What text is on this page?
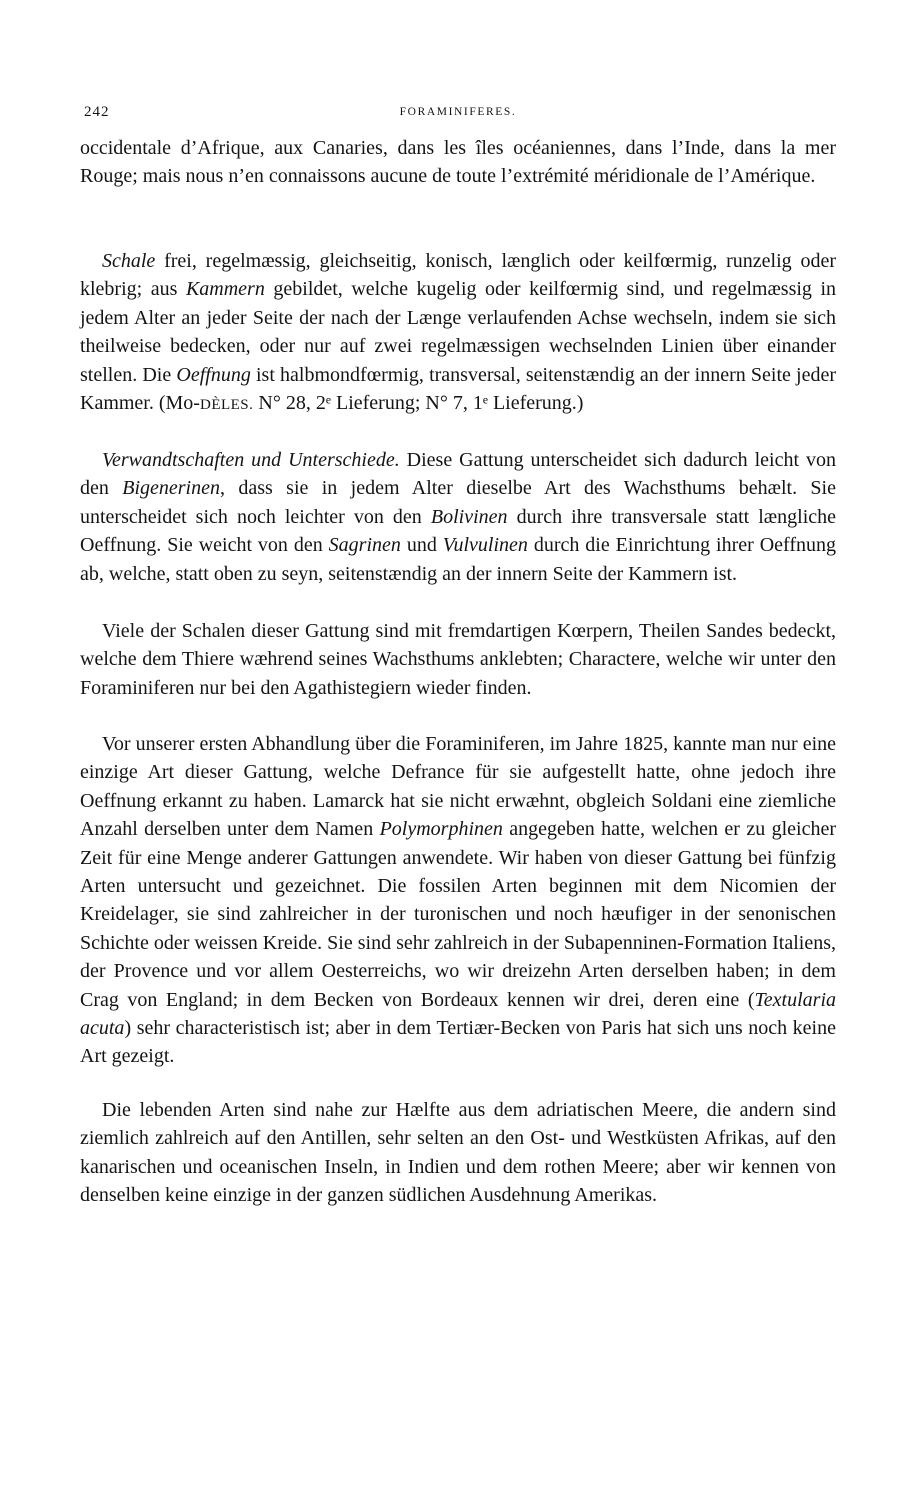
242	FORAMINIFERES.

occidentale d’Afrique, aux Canaries, dans les îles océaniennes, dans l’Inde, dans la mer Rouge; mais nous n’en connaissons aucune de toute l’extrémité méridionale de l’Amérique.

Schale frei, regelmæssig, gleichseitig, konisch, længlich oder keilfœrmig, runzelig oder klebrig; aus Kammern gebildet, welche kugelig oder keilfœrmig sind, und regelmæssig in jedem Alter an jeder Seite der nach der Længe verlaufenden Achse wechseln, indem sie sich theilweise bedecken, oder nur auf zwei regelmæssigen wechselnden Linien über einander stellen. Die Oeffnung ist halbmondfœrmig, transversal, seitenstændig an der innern Seite jeder Kammer. (Mo-DÈLES. N° 28, 2ᵉ Lieferung; N° 7, 1ᵉ Lieferung.)

Verwandtschaften und Unterschiede. Diese Gattung unterscheidet sich dadurch leicht von den Bigenerinen, dass sie in jedem Alter dieselbe Art des Wachsthums behælt. Sie unterscheidet sich noch leichter von den Bolivinen durch ihre transversale statt længliche Oeffnung. Sie weicht von den Sagrinen und Vulvulinen durch die Einrichtung ihrer Oeffnung ab, welche, statt oben zu seyn, seitenstændig an der innern Seite der Kammern ist.

Viele der Schalen dieser Gattung sind mit fremdartigen Kœrpern, Theilen Sandes bedeckt, welche dem Thiere wæhrend seines Wachsthums anklebten; Charactere, welche wir unter den Foraminiferen nur bei den Agathistegiern wieder finden.

Vor unserer ersten Abhandlung über die Foraminiferen, im Jahre 1825, kannte man nur eine einzige Art dieser Gattung, welche Defrance für sie aufgestellt hatte, ohne jedoch ihre Oeffnung erkannt zu haben. Lamarck hat sie nicht erwæhnt, obgleich Soldani eine ziemliche Anzahl derselben unter dem Namen Polymorphinen angegeben hatte, welchen er zu gleicher Zeit für eine Menge anderer Gattungen anwendete. Wir haben von dieser Gattung bei fünfzig Arten untersucht und gezeichnet. Die fossilen Arten beginnen mit dem Nicomien der Kreidelager, sie sind zahlreicher in der turonischen und noch hæufiger in der senonischen Schichte oder weissen Kreide. Sie sind sehr zahlreich in der Subapenninen-Formation Italiens, der Provence und vor allem Oesterreichs, wo wir dreizehn Arten derselben haben; in dem Crag von England; in dem Becken von Bordeaux kennen wir drei, deren eine (Textularia acuta) sehr characteristisch ist; aber in dem Tertiær-Becken von Paris hat sich uns noch keine Art gezeigt.

Die lebenden Arten sind nahe zur Hælfte aus dem adriatischen Meere, die andern sind ziemlich zahlreich auf den Antillen, sehr selten an den Ost- und Westküsten Afrikas, auf den kanarischen und oceanischen Inseln, in Indien und dem rothen Meere; aber wir kennen von denselben keine einzige in der ganzen südlichen Ausdehnung Amerikas.
